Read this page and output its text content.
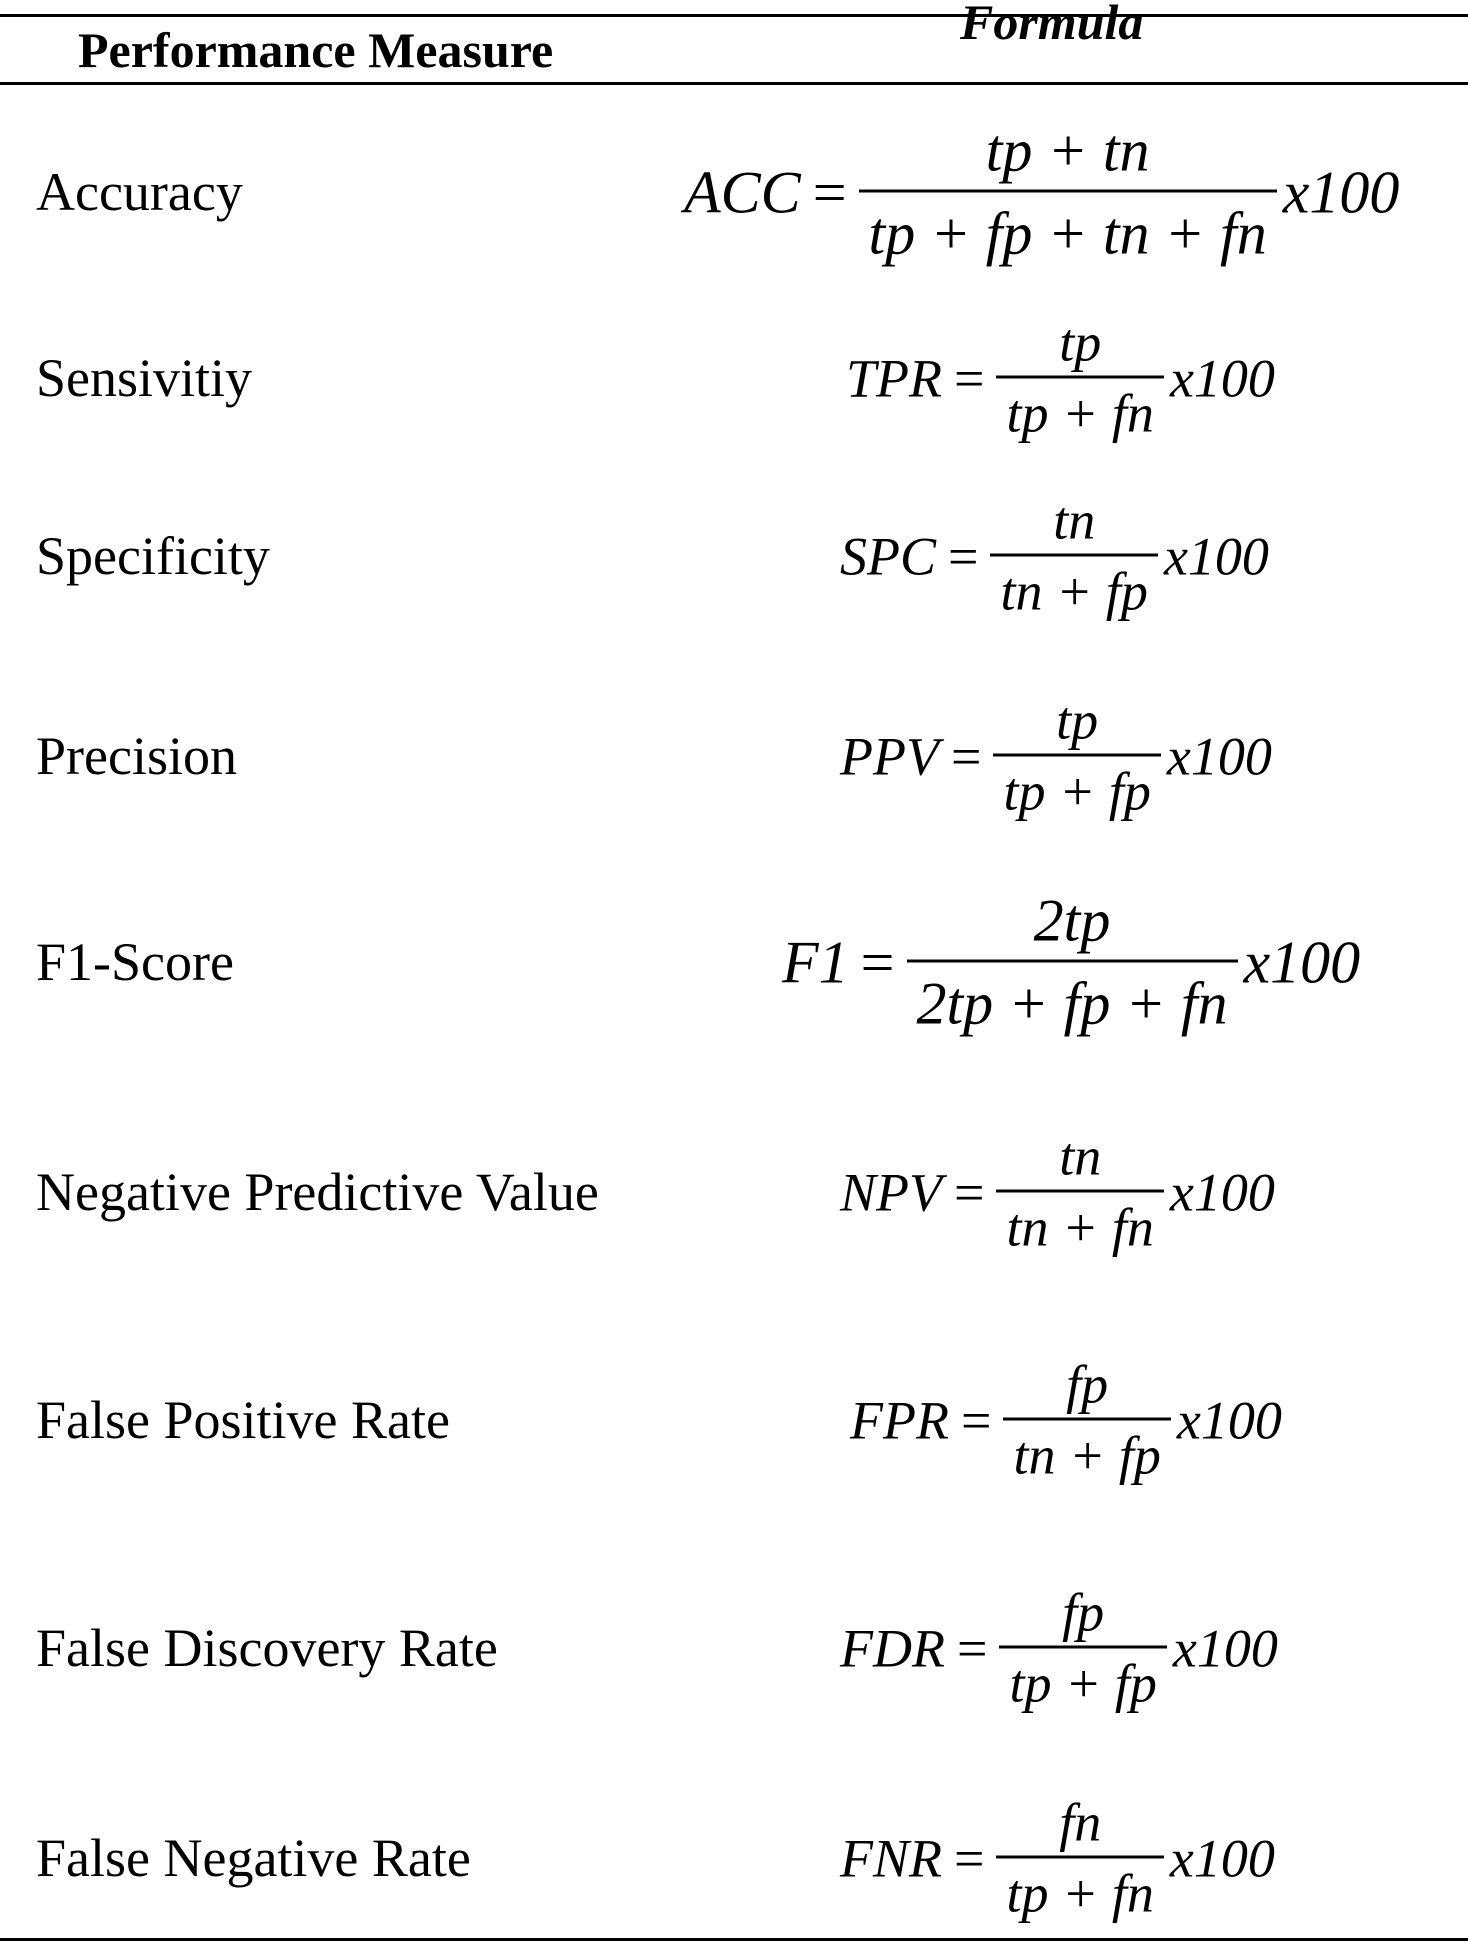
Performance Measure	Formula
Accuracy	ACC = $\frac{tp + tn}{tp + fp + tn + fn} x100$
Sensivitiy	TPR = $\frac{tp}{tp + fn} x100$
Specificity	SPC = $\frac{tn}{tn + fp} x100$
Precision	PPV = $\frac{tp}{tp + fp} x100$
F1-Score	$F1 = \frac{2tp}{2tp + fp + fn} x100$
Negative Predictive Value	NPV = $\frac{tn}{tn + fn} x100$
False Positive Rate	FPR = $\frac{fp}{tn + fp} x100$
False Discovery Rate	FDR = $\frac{fp}{tp + fp} x100$
False Negative Rate	FNR = $\frac{fn}{tp + fn} x100$
